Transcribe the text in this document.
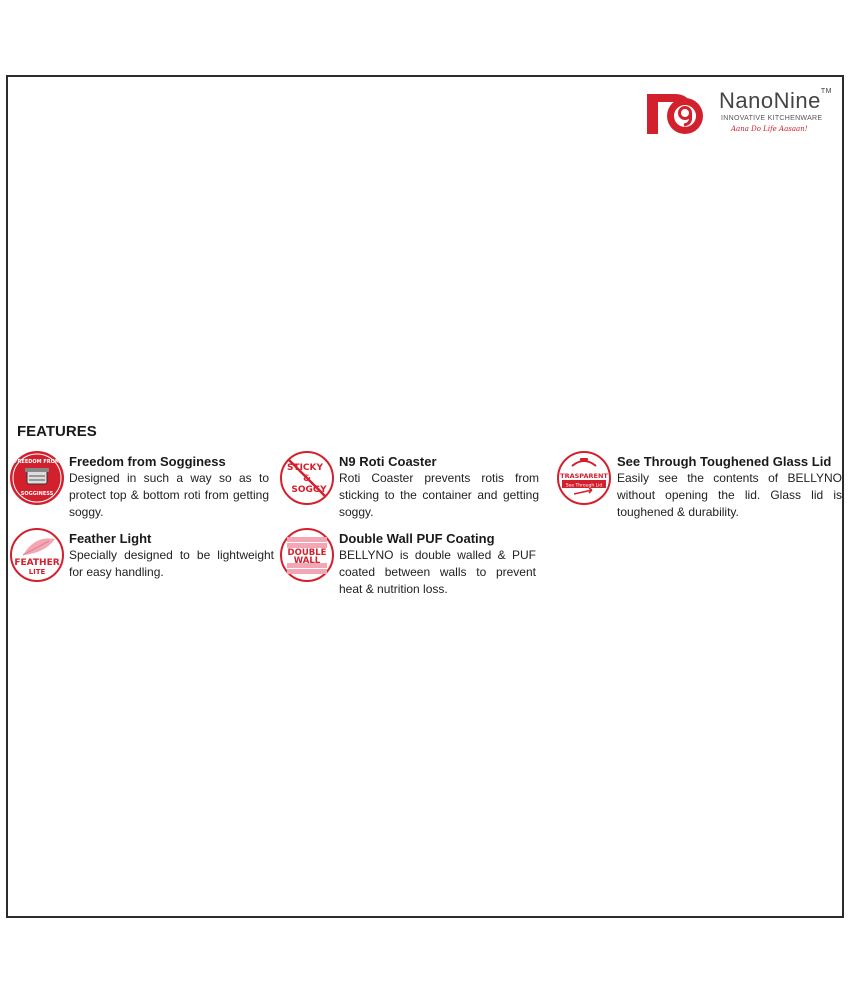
NanoNine™
INNOVATIVE KITCHENWARE
Aana Do Life Aasaan!
FEATURES
FREEDOM FROM
SOGGINESS
Freedom from Sogginess
Designed in such a way so as to protect top & bottom roti from getting soggy.
STICKY
&
SOGGY
N9 Roti Coaster
Roti Coaster prevents rotis from sticking to the container and getting soggy.
TRASPARENT
See Through Lid
See Through Toughened Glass Lid
Easily see the contents of BELLYNO without opening the lid. Glass lid is toughened & durability.
FEATHER
LITE
Feather Light
Specially designed to be lightweight for easy handling.
DOUBLE
WALL
Double Wall PUF Coating
BELLYNO is double walled & PUF coated between walls to prevent heat & nutrition loss.
